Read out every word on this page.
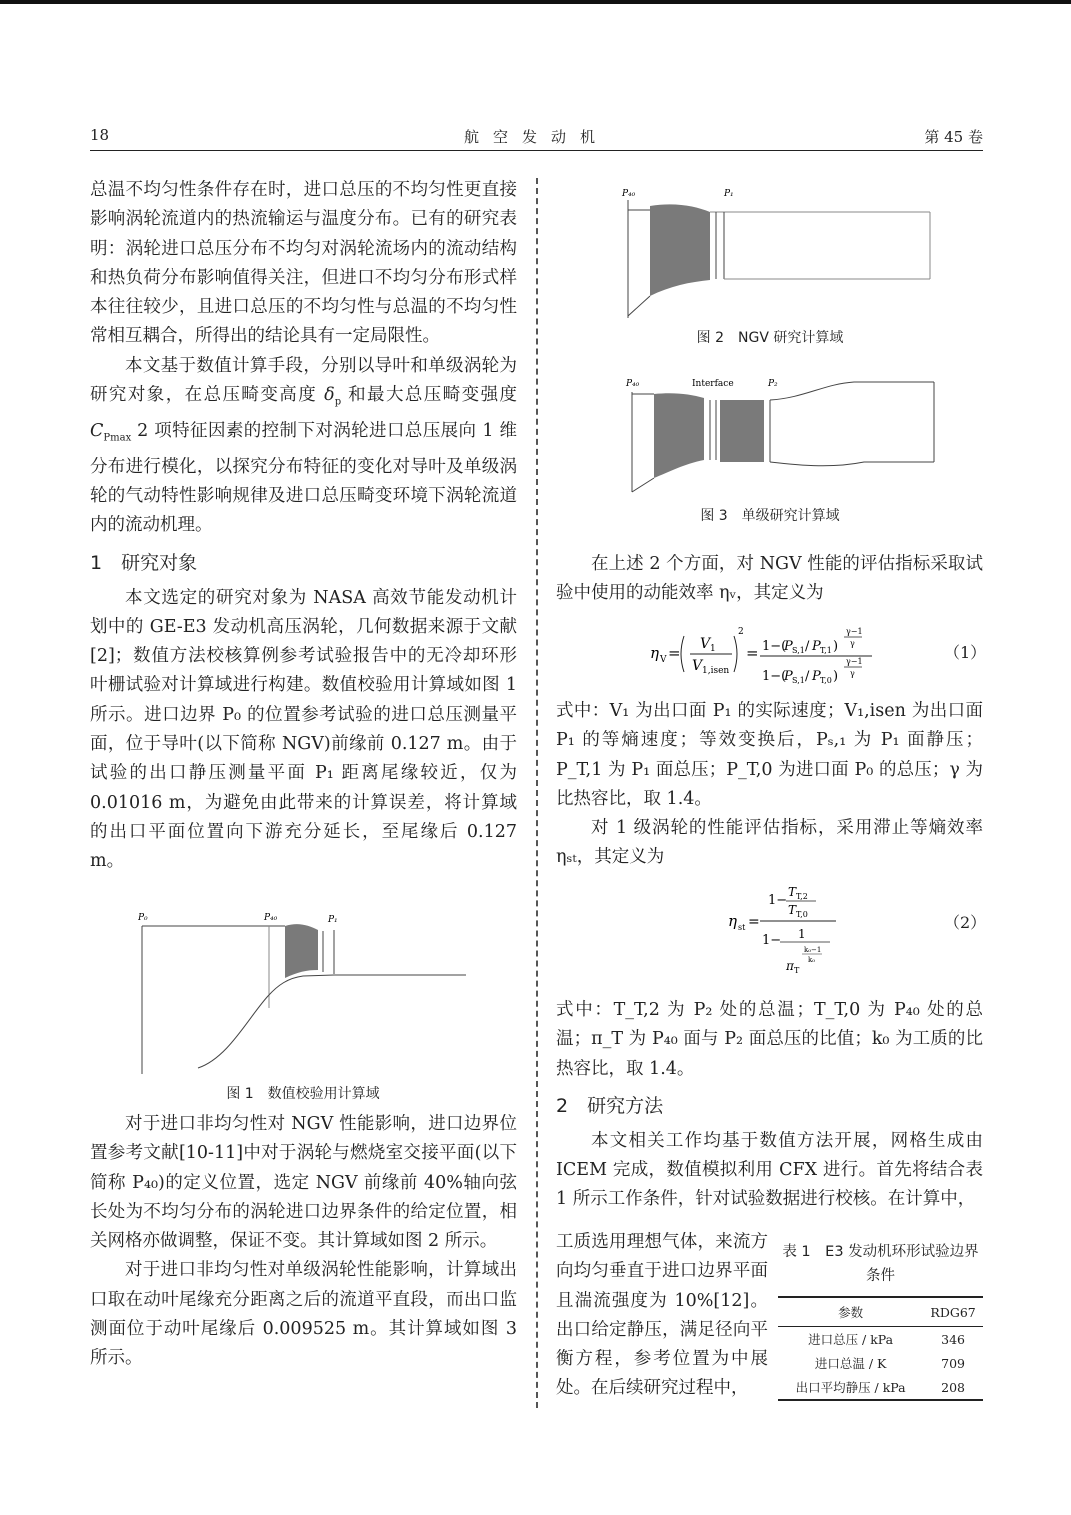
18	航空发动机	第 45 卷

总温不均匀性条件存在时，进口总压的不均匀性更直接影响涡轮流道内的热流输运与温度分布。已有的研究表明：涡轮进口总压分布不均匀对涡轮流场内的流动结构和热负荷分布影响值得关注，但进口不均匀分布形式样本往往较少，且进口总压的不均匀性与总温的不均匀性常相互耦合，所得出的结论具有一定局限性。

本文基于数值计算手段，分别以导叶和单级涡轮为研究对象，在总压畸变高度 $\delta_p$ 和最大总压畸变强度 $C_{Pmax}$ 2 项特征因素的控制下对涡轮进口总压展向 1 维分布进行模化，以探究分布特征的变化对导叶及单级涡轮的气动特性影响规律及进口总压畸变环境下涡轮流道内的流动机理。

1　研究对象

本文选定的研究对象为 NASA 高效节能发动机计划中的 GE-E3 发动机高压涡轮，几何数据来源于文献[2]；数值方法校核算例参考试验报告中的无冷却环形叶栅试验对计算域进行构建。数值校验用计算域如图 1 所示。进口边界 P₀ 的位置参考试验的进口总压测量平面，位于导叶(以下简称 NGV)前缘前 0.127 m。由于试验的出口静压测量平面 P₁ 距离尾缘较近，仅为 0.01016 m，为避免由此带来的计算误差，将计算域的出口平面位置向下游充分延长，至尾缘后 0.127 m。

P₀	P₄₀	P₁
图 1　数值校验用计算域

对于进口非均匀性对 NGV 性能影响，进口边界位置参考文献[10-11]中对于涡轮与燃烧室交接平面(以下简称 P₄₀)的定义位置，选定 NGV 前缘前 40%轴向弦长处为不均匀分布的涡轮进口边界条件的给定位置，相关网格亦做调整，保证不变。其计算域如图 2 所示。

对于进口非均匀性对单级涡轮性能影响，计算域出口取在动叶尾缘充分距离之后的流道平直段，而出口监测面位于动叶尾缘后 0.009525 m。其计算域如图 3 所示。

P₄₀	P₁
图 2　NGV 研究计算域
P₄₀	Interface	P₂
图 3　单级研究计算域

在上述 2 个方面，对 NGV 性能的评估指标采取试验中使用的动能效率 ηᵥ，其定义为

η V = V 1
V 1,isen
2
= 1−(
P S,1 / P T,1 )
γ−1
γ
1−(
P S,1 / P T,0 )
γ−1
γ
（1）

式中：V₁ 为出口面 P₁ 的实际速度；V₁,isen 为出口面 P₁ 的等熵速度；等效变换后，Pₛ,₁ 为 P₁ 面静压；P_T,1 为 P₁ 面总压；P_T,0 为进口面 P₀ 的总压；γ 为比热容比，取 1.4。

对 1 级涡轮的性能评估指标，采用滞止等熵效率 ηₛₜ，其定义为

η st =
1−
T T,2
T T,0
1− 1
π T
k₀−1
k₀
（2）

式中：T_T,2 为 P₂ 处的总温；T_T,0 为 P₄₀ 处的总温；π_T 为 P₄₀ 面与 P₂ 面总压的比值；k₀ 为工质的比热容比，取 1.4。

2　研究方法

本文相关工作均基于数值方法开展，网格生成由 ICEM 完成，数值模拟利用 CFX 进行。首先将结合表 1 所示工作条件，针对试验数据进行校核。在计算中，

工质选用理想气体，来流方向均匀垂直于进口边界平面且湍流强度为 10%[12]。出口给定静压，满足径向平衡方程，参考位置为中展处。在后续研究过程中，

表 1　E3 发动机环形试验边界条件
参数	RDG67
进口总压 / kPa	346
进口总温 / K	709
出口平均静压 / kPa	208
